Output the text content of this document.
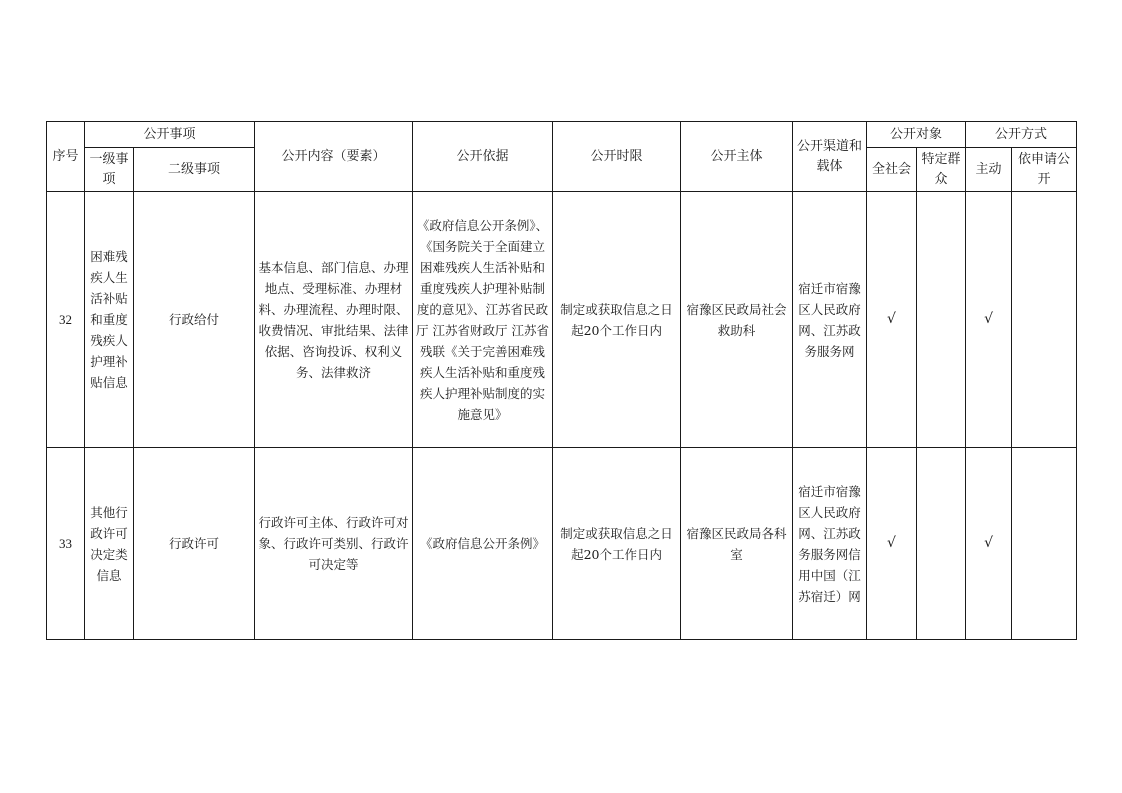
序号	公开事项		公开内容（要素）	公开依据	公开时限	公开主体	公开渠道和载体	公开对象		公开方式	
	一级事项	二级事项						全社会	特定群众	主动	依申请公开
32	困难残疾人生活补贴和重度残疾人护理补贴信息	行政给付	基本信息、部门信息、办理地点、受理标准、办理材料、办理流程、办理时限、收费情况、审批结果、法律依据、咨询投诉、权利义务、法律救济	《政府信息公开条例》、《国务院关于全面建立困难残疾人生活补贴和重度残疾人护理补贴制度的意见》、江苏省民政厅 江苏省财政厅 江苏省残联《关于完善困难残疾人生活补贴和重度残疾人护理补贴制度的实施意见》	制定或获取信息之日起20个工作日内	宿豫区民政局社会救助科	宿迁市宿豫区人民政府网、江苏政务服务网	√		√	
33	其他行政许可决定类信息	行政许可	行政许可主体、行政许可对象、行政许可类别、行政许可决定等	《政府信息公开条例》	制定或获取信息之日起20个工作日内	宿豫区民政局各科室	宿迁市宿豫区人民政府网、江苏政务服务网信用中国（江苏宿迁）网	√		√	
